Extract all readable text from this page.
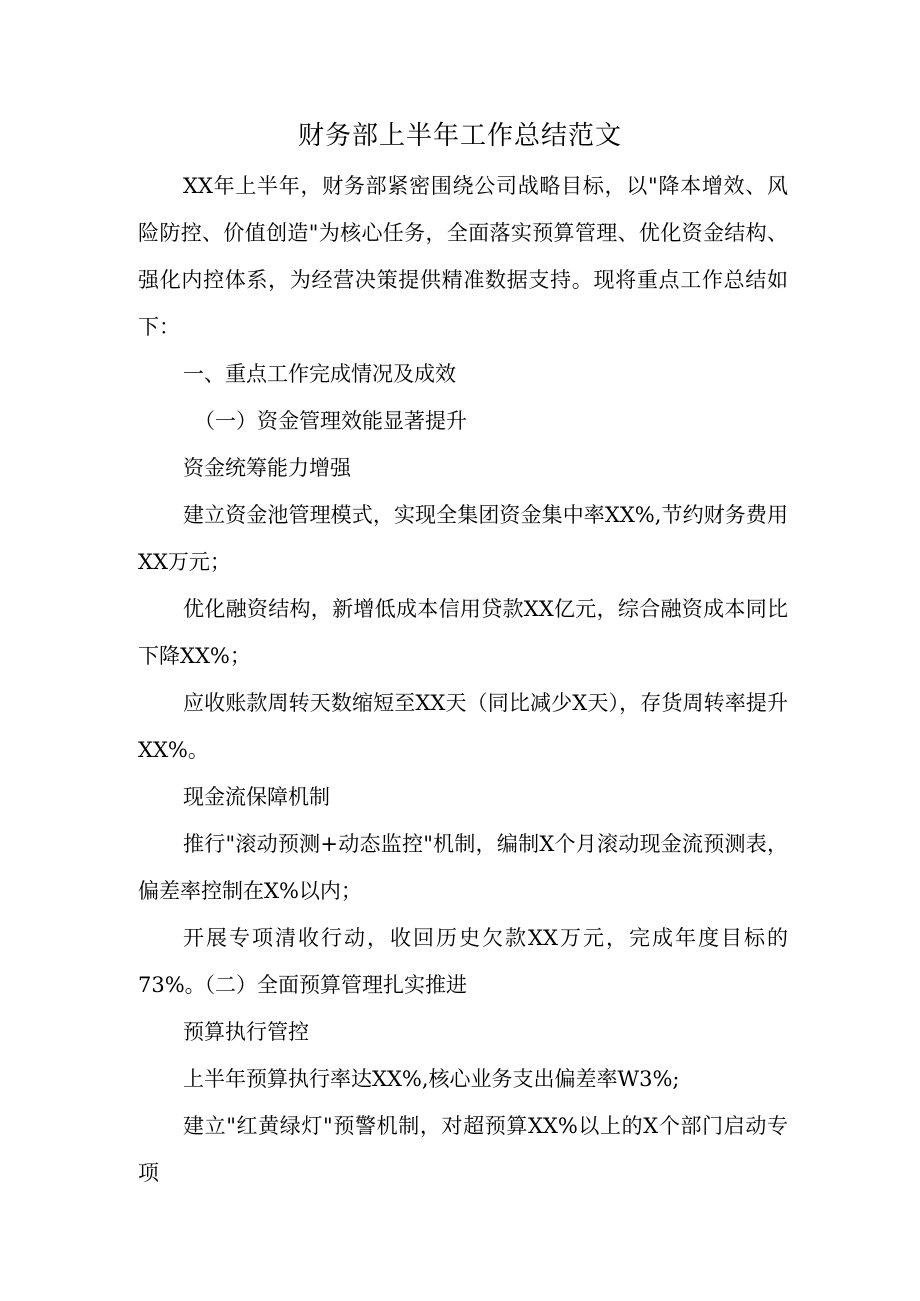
财务部上半年工作总结范文

XX年上半年，财务部紧密围绕公司战略目标，以"降本增效、风险防控、价值创造"为核心任务，全面落实预算管理、优化资金结构、强化内控体系，为经营决策提供精准数据支持。现将重点工作总结如下：

一、重点工作完成情况及成效
（一）资金管理效能显著提升
资金统筹能力增强

建立资金池管理模式，实现全集团资金集中率XX%,节约财务费用XX万元；

优化融资结构，新增低成本信用贷款XX亿元，综合融资成本同比下降XX%；

应收账款周转天数缩短至XX天（同比减少X天），存货周转率提升XX%。

现金流保障机制

推行"滚动预测+动态监控"机制，编制X个月滚动现金流预测表，偏差率控制在X%以内；

开展专项清收行动，收回历史欠款XX万元，完成年度目标的73%。

（二）全面预算管理扎实推进
预算执行管控

上半年预算执行率达XX%,核心业务支出偏差率W3%;

建立"红黄绿灯"预警机制，对超预算XX%以上的X个部门启动专项
